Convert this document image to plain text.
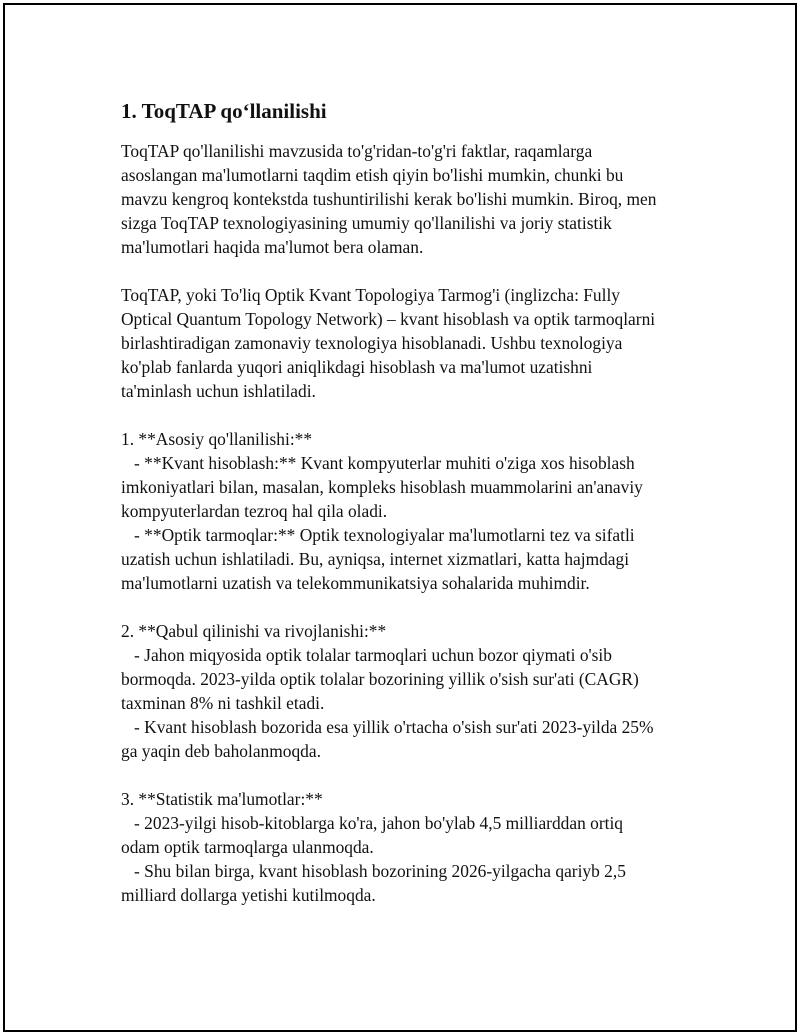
1. ToqTAP qo‘llanilishi
ToqTAP qo'llanilishi mavzusida to'g'ridan-to'g'ri faktlar, raqamlarga
asoslangan ma'lumotlarni taqdim etish qiyin bo'lishi mumkin, chunki bu
mavzu kengroq kontekstda tushuntirilishi kerak bo'lishi mumkin. Biroq, men
sizga ToqTAP texnologiyasining umumiy qo'llanilishi va joriy statistik
ma'lumotlari haqida ma'lumot bera olaman.
ToqTAP, yoki To'liq Optik Kvant Topologiya Tarmog'i (inglizcha: Fully
Optical Quantum Topology Network) – kvant hisoblash va optik tarmoqlarni
birlashtiradigan zamonaviy texnologiya hisoblanadi. Ushbu texnologiya
ko'plab fanlarda yuqori aniqlikdagi hisoblash va ma'lumot uzatishni
ta'minlash uchun ishlatiladi.
1. **Asosiy qo'llanilishi:**
- **Kvant hisoblash:** Kvant kompyuterlar muhiti o'ziga xos hisoblash
imkoniyatlari bilan, masalan, kompleks hisoblash muammolarini an'anaviy
kompyuterlardan tezroq hal qila oladi.
- **Optik tarmoqlar:** Optik texnologiyalar ma'lumotlarni tez va sifatli
uzatish uchun ishlatiladi. Bu, ayniqsa, internet xizmatlari, katta hajmdagi
ma'lumotlarni uzatish va telekommunikatsiya sohalarida muhimdir.
2. **Qabul qilinishi va rivojlanishi:**
- Jahon miqyosida optik tolalar tarmoqlari uchun bozor qiymati o'sib
bormoqda. 2023-yilda optik tolalar bozorining yillik o'sish sur'ati (CAGR)
taxminan 8% ni tashkil etadi.
- Kvant hisoblash bozorida esa yillik o'rtacha o'sish sur'ati 2023-yilda 25%
ga yaqin deb baholanmoqda.
3. **Statistik ma'lumotlar:**
- 2023-yilgi hisob-kitoblarga ko'ra, jahon bo'ylab 4,5 milliarddan ortiq
odam optik tarmoqlarga ulanmoqda.
- Shu bilan birga, kvant hisoblash bozorining 2026-yilgacha qariyb 2,5
milliard dollarga yetishi kutilmoqda.
